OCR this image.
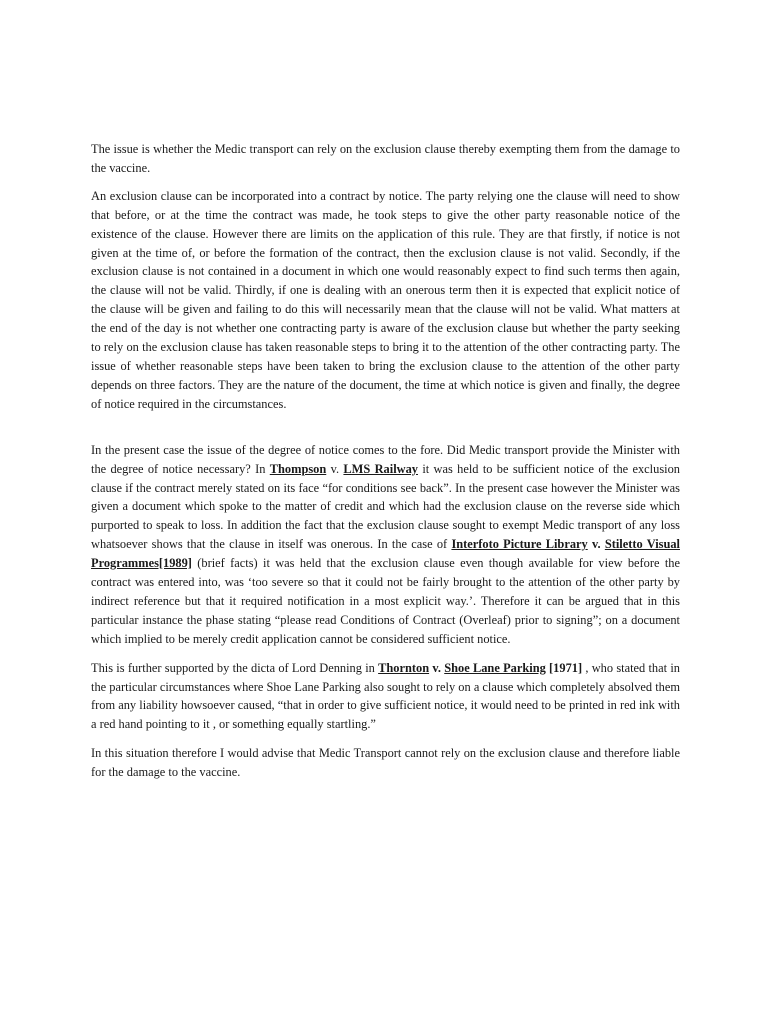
The issue is whether the Medic transport can rely on the exclusion clause thereby exempting them from the damage to the vaccine.

An exclusion clause can be incorporated into a contract by notice. The party relying one the clause will need to show that before, or at the time the contract was made, he took steps to give the other party reasonable notice of the existence of the clause. However there are limits on the application of this rule. They are that firstly, if notice is not given at the time of, or before the formation of the contract, then the exclusion clause is not valid. Secondly, if the exclusion clause is not contained in a document in which one would reasonably expect to find such terms then again, the clause will not be valid. Thirdly, if one is dealing with an onerous term then it is expected that explicit notice of the clause will be given and failing to do this will necessarily mean that the clause will not be valid. What matters at the end of the day is not whether one contracting party is aware of the exclusion clause but whether the party seeking to rely on the exclusion clause has taken reasonable steps to bring it to the attention of the other contracting party. The issue of whether reasonable steps have been taken to bring the exclusion clause to the attention of the other party depends on three factors. They are the nature of the document, the time at which notice is given and finally, the degree of notice required in the circumstances.

In the present case the issue of the degree of notice comes to the fore. Did Medic transport provide the Minister with the degree of notice necessary? In Thompson v. LMS Railway it was held to be sufficient notice of the exclusion clause if the contract merely stated on its face “for conditions see back”. In the present case however the Minister was given a document which spoke to the matter of credit and which had the exclusion clause on the reverse side which purported to speak to loss. In addition the fact that the exclusion clause sought to exempt Medic transport of any loss whatsoever shows that the clause in itself was onerous. In the case of Interfoto Picture Library v. Stiletto Visual Programmes[1989] (brief facts) it was held that the exclusion clause even though available for view before the contract was entered into, was ‘too severe so that it could not be fairly brought to the attention of the other party by indirect reference but that it required notification in a most explicit way.’. Therefore it can be argued that in this particular instance the phase stating “please read Conditions of Contract (Overleaf) prior to signing”; on a document which implied to be merely credit application cannot be considered sufficient notice.

This is further supported by the dicta of Lord Denning in Thornton v. Shoe Lane Parking [1971] , who stated that in the particular circumstances where Shoe Lane Parking also sought to rely on a clause which completely absolved them from any liability howsoever caused, “that in order to give sufficient notice, it would need to be printed in red ink with a red hand pointing to it , or something equally startling.”

In this situation therefore I would advise that Medic Transport cannot rely on the exclusion clause and therefore liable for the damage to the vaccine.
